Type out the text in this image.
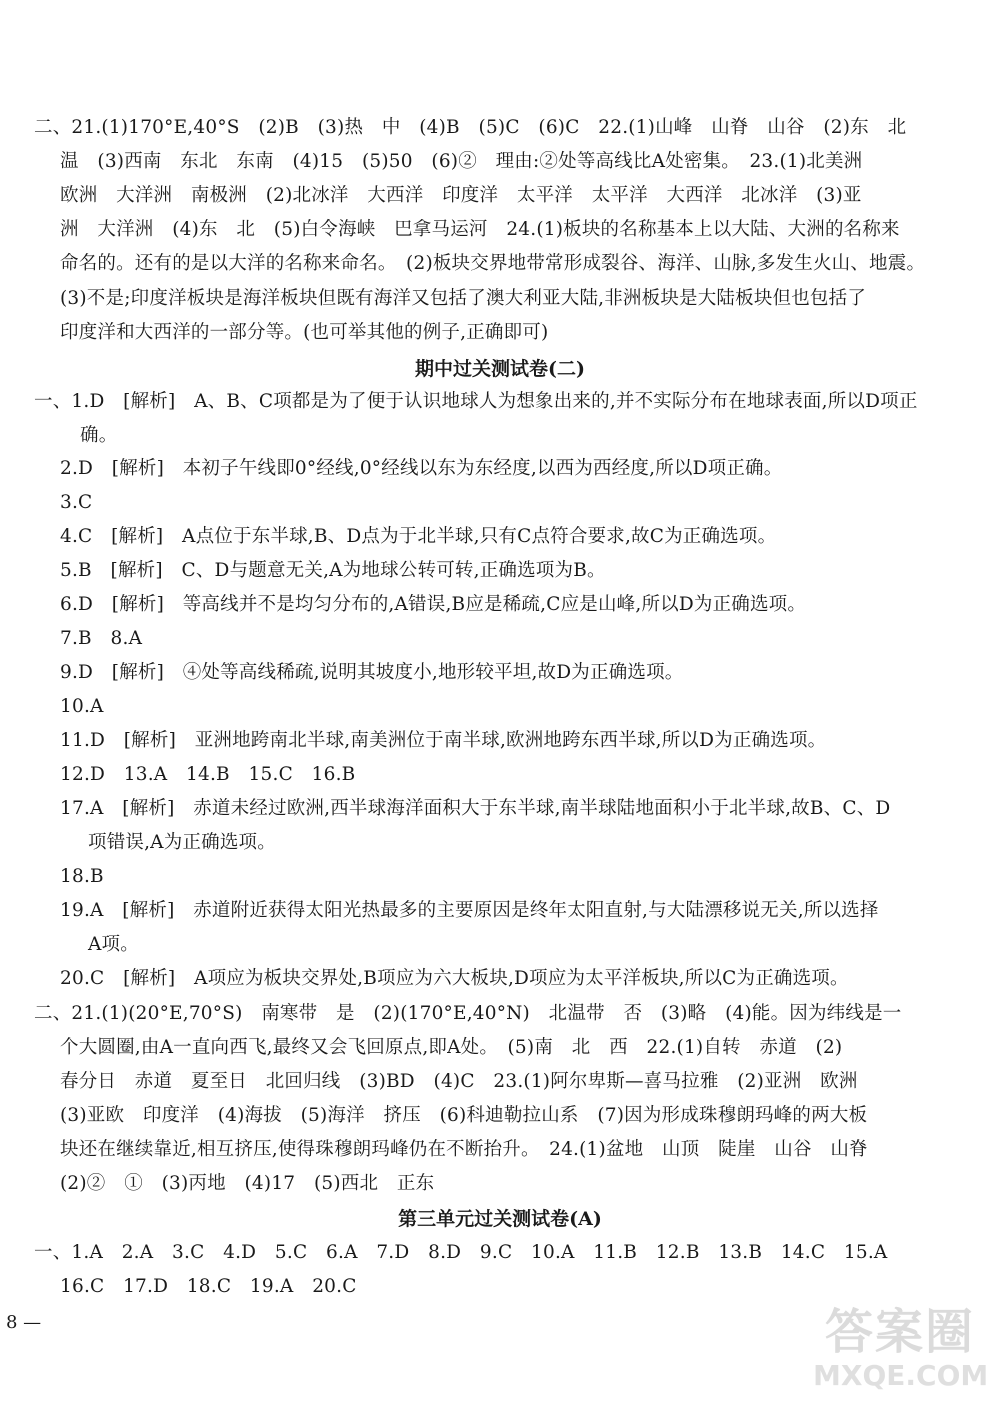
二、21.(1)170°E,40°S　(2)B　(3)热　中　(4)B　(5)C　(6)C　22.(1)山峰　山脊　山谷　(2)东　北
温　(3)西南　东北　东南　(4)15　(5)50　(6)②　理由:②处等高线比A处密集。　23.(1)北美洲
欧洲　大洋洲　南极洲　(2)北冰洋　大西洋　印度洋　太平洋　太平洋　大西洋　北冰洋　(3)亚
洲　大洋洲　(4)东　北　(5)白令海峡　巴拿马运河　24.(1)板块的名称基本上以大陆、大洲的名称来
命名的。还有的是以大洋的名称来命名。　(2)板块交界地带常形成裂谷、海洋、山脉,多发生火山、地震。
(3)不是;印度洋板块是海洋板块但既有海洋又包括了澳大利亚大陆,非洲板块是大陆板块但也包括了
印度洋和大西洋的一部分等。(也可举其他的例子,正确即可)
期中过关测试卷(二)
一、1.D　[解析]　A、B、C项都是为了便于认识地球人为想象出来的,并不实际分布在地球表面,所以D项正
确。
2.D　[解析]　本初子午线即0°经线,0°经线以东为东经度,以西为西经度,所以D项正确。
3.C
4.C　[解析]　A点位于东半球,B、D点为于北半球,只有C点符合要求,故C为正确选项。
5.B　[解析]　C、D与题意无关,A为地球公转可转,正确选项为B。
6.D　[解析]　等高线并不是均匀分布的,A错误,B应是稀疏,C应是山峰,所以D为正确选项。
7.B　8.A
9.D　[解析]　④处等高线稀疏,说明其坡度小,地形较平坦,故D为正确选项。
10.A
11.D　[解析]　亚洲地跨南北半球,南美洲位于南半球,欧洲地跨东西半球,所以D为正确选项。
12.D　13.A　14.B　15.C　16.B
17.A　[解析]　赤道未经过欧洲,西半球海洋面积大于东半球,南半球陆地面积小于北半球,故B、C、D
项错误,A为正确选项。
18.B
19.A　[解析]　赤道附近获得太阳光热最多的主要原因是终年太阳直射,与大陆漂移说无关,所以选择
A项。
20.C　[解析]　A项应为板块交界处,B项应为六大板块,D项应为太平洋板块,所以C为正确选项。
二、21.(1)(20°E,70°S)　南寒带　是　(2)(170°E,40°N)　北温带　否　(3)略　(4)能。因为纬线是一
个大圆圈,由A一直向西飞,最终又会飞回原点,即A处。　(5)南　北　西　22.(1)自转　赤道　(2)
春分日　赤道　夏至日　北回归线　(3)BD　(4)C　23.(1)阿尔卑斯—喜马拉雅　(2)亚洲　欧洲
(3)亚欧　印度洋　(4)海拔　(5)海洋　挤压　(6)科迪勒拉山系　(7)因为形成珠穆朗玛峰的两大板
块还在继续靠近,相互挤压,使得珠穆朗玛峰仍在不断抬升。　24.(1)盆地　山顶　陡崖　山谷　山脊
(2)②　①　(3)丙地　(4)17　(5)西北　正东
第三单元过关测试卷(A)
一、1.A　2.A　3.C　4.D　5.C　6.A　7.D　8.D　9.C　10.A　11.B　12.B　13.B　14.C　15.A
16.C　17.D　18.C　19.A　20.C
8 —	答案圈
MXQE.COM
